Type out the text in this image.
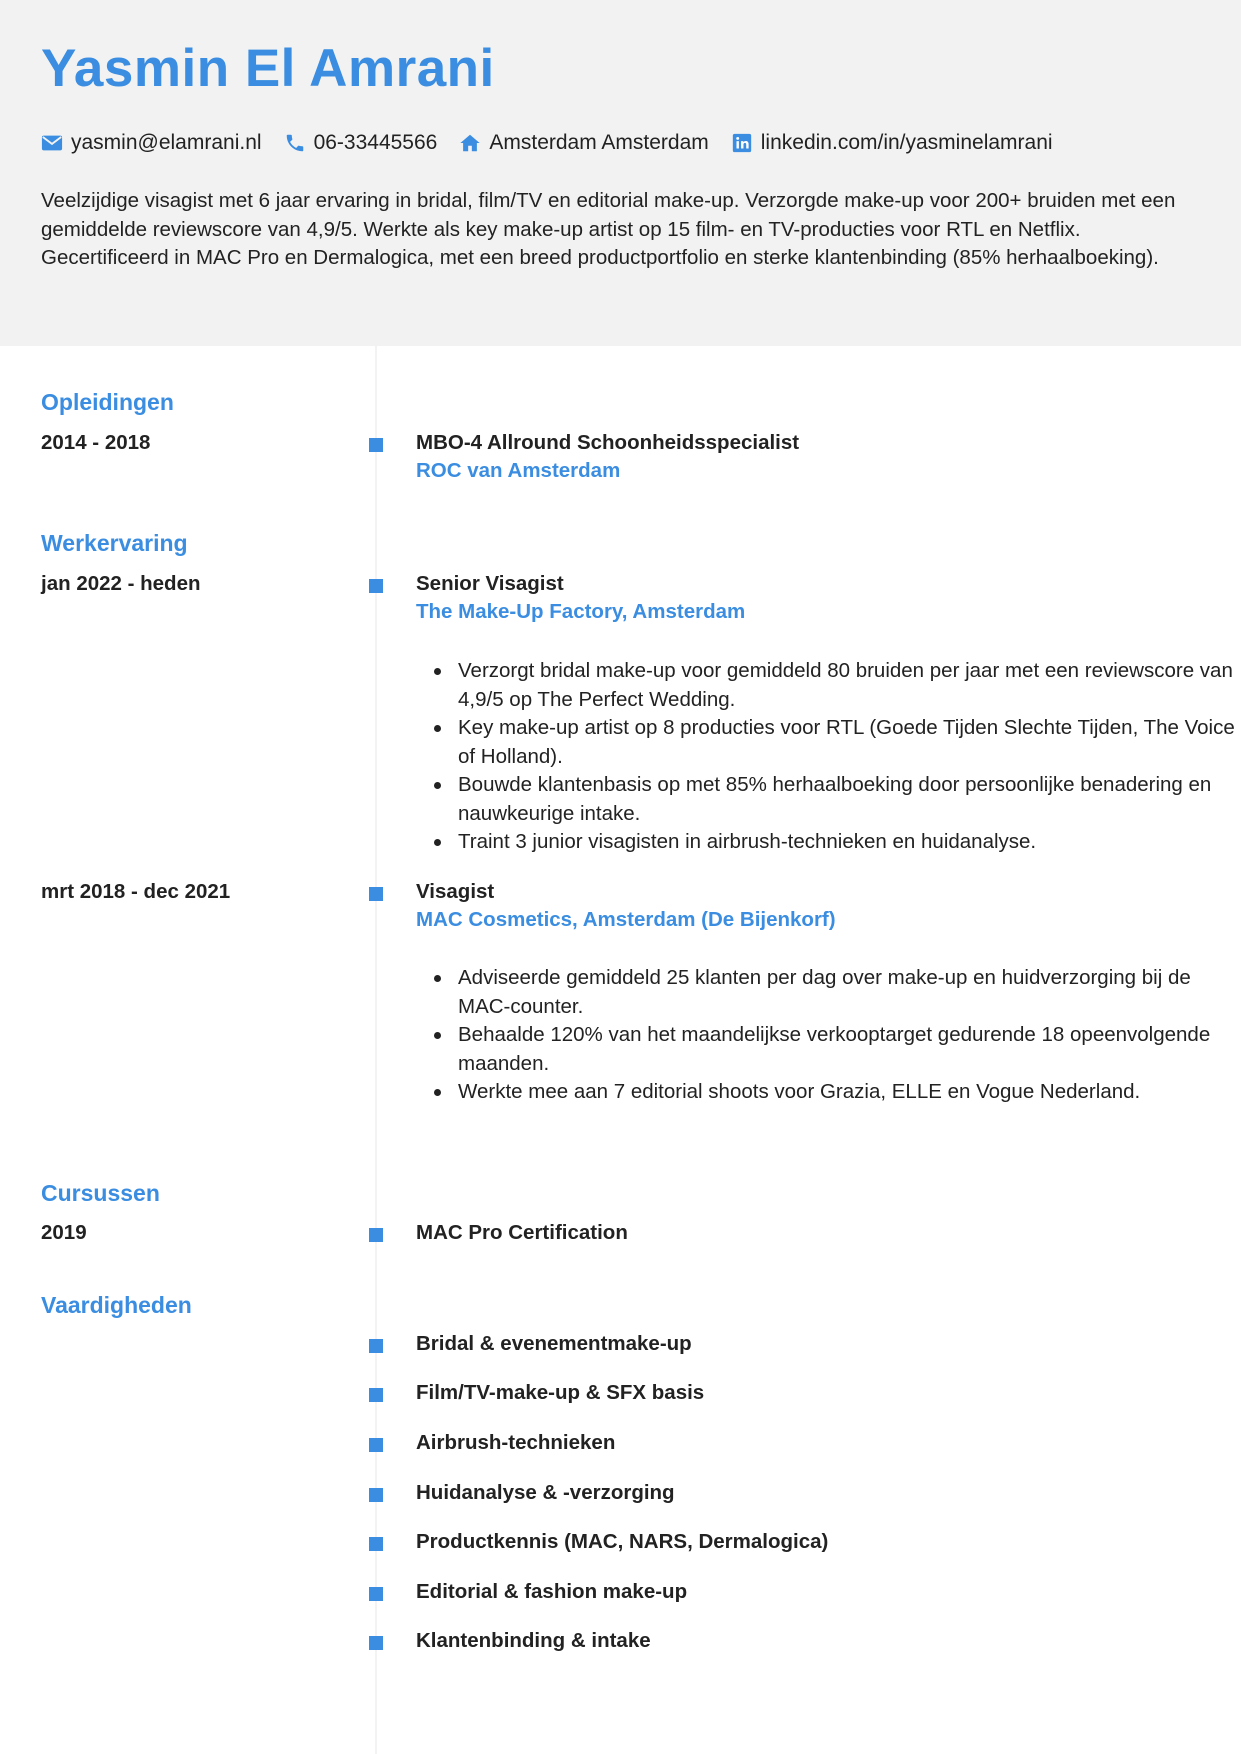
Yasmin El Amrani
yasmin@elamrani.nl 06-33445566 Amsterdam Amsterdam linkedin.com/in/yasminelamrani
Veelzijdige visagist met 6 jaar ervaring in bridal, film/TV en editorial make-up. Verzorgde make-up voor 200+ bruiden met een gemiddelde reviewscore van 4,9/5. Werkte als key make-up artist op 15 film- en TV-producties voor RTL en Netflix. Gecertificeerd in MAC Pro en Dermalogica, met een breed productportfolio en sterke klantenbinding (85% herhaalboeking).
Opleidingen
2014 - 2018	MBO-4 Allround Schoonheidsspecialist
ROC van Amsterdam
Werkervaring
jan 2022 - heden	Senior Visagist
The Make-Up Factory, Amsterdam
Verzorgt bridal make-up voor gemiddeld 80 bruiden per jaar met een reviewscore van 4,9/5 op The Perfect Wedding.
Key make-up artist op 8 producties voor RTL (Goede Tijden Slechte Tijden, The Voice of Holland).
Bouwde klantenbasis op met 85% herhaalboeking door persoonlijke benadering en nauwkeurige intake.
Traint 3 junior visagisten in airbrush-technieken en huidanalyse.
mrt 2018 - dec 2021	Visagist
MAC Cosmetics, Amsterdam (De Bijenkorf)
Adviseerde gemiddeld 25 klanten per dag over make-up en huidverzorging bij de MAC-counter.
Behaalde 120% van het maandelijkse verkooptarget gedurende 18 opeenvolgende maanden.
Werkte mee aan 7 editorial shoots voor Grazia, ELLE en Vogue Nederland.
Cursussen
2019	MAC Pro Certification
Vaardigheden
Bridal & evenementmake-up
Film/TV-make-up & SFX basis
Airbrush-technieken
Huidanalyse & -verzorging
Productkennis (MAC, NARS, Dermalogica)
Editorial & fashion make-up
Klantenbinding & intake
